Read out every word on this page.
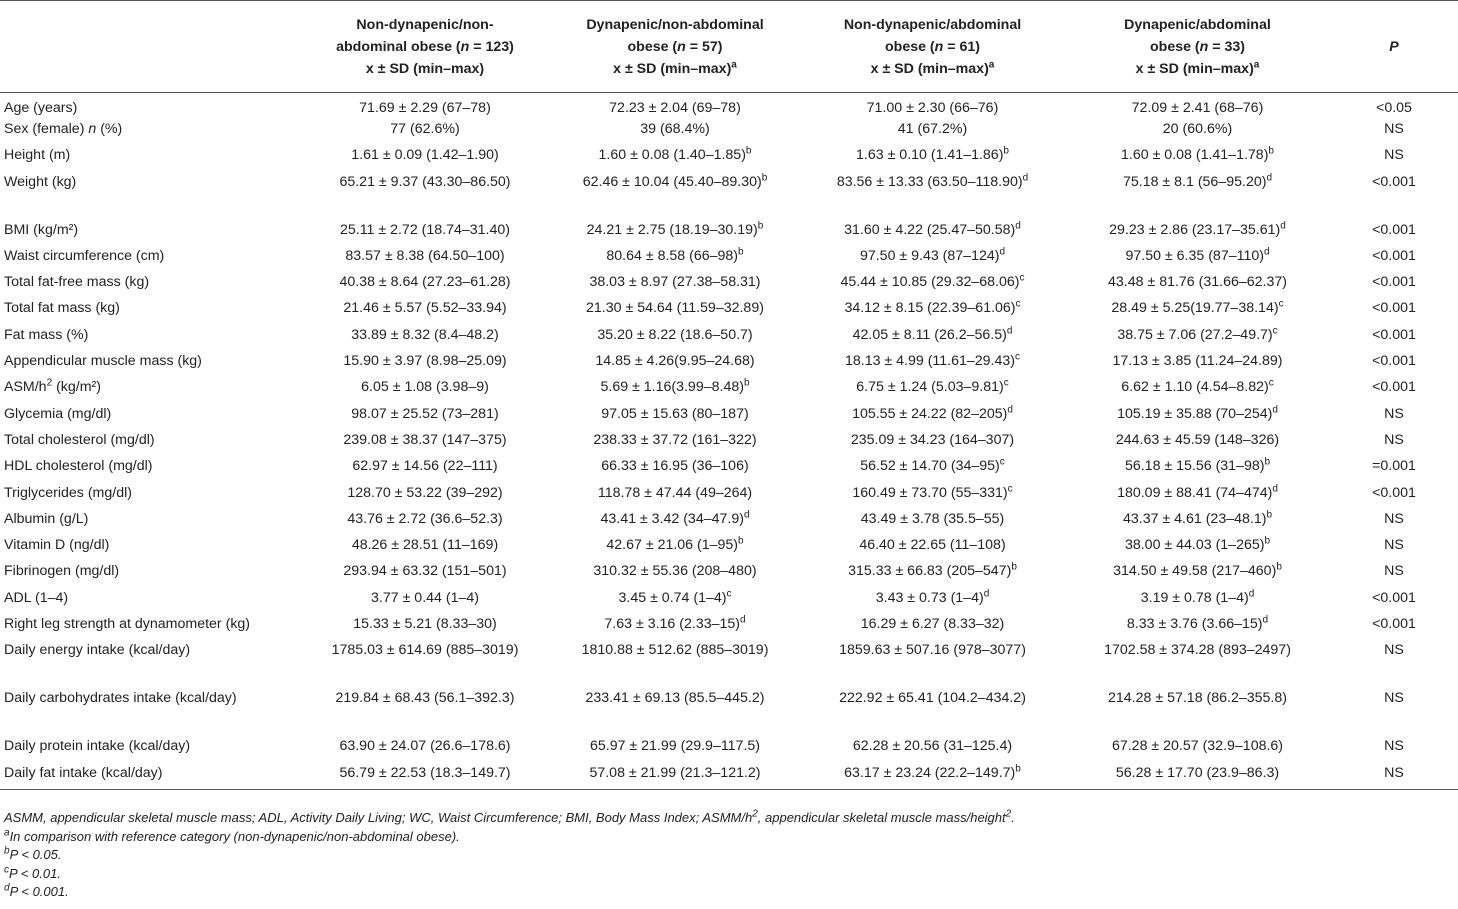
	Non-dynapenic/non-
abdominal obese (n = 123)
x ± SD (min–max)	Dynapenic/non-abdominal
obese (n = 57)
x ± SD $(\min-\max)^a$	Non-dynapenic/abdominal
obese (n = 61)
x ± SD $(\min-\max)^a$	Dynapenic/abdominal
obese (n = 33)
x ± SD $(\min-\max)^a$	P
Age (years)	71.69 ± 2.29 (67–78)	72.23 ± 2.04 (69–78)	71.00 ± 2.30 (66–76)	72.09 ± 2.41 (68–76)	<0.05
Sex (female) n (%)	77 (62.6%)	39 (68.4%)	41 (67.2%)	20 (60.6%)	NS
Height (m)	1.61 ± 0.09 (1.42–1.90)	1.60 ± 0.08 $(1.40-1.85)^b$	1.63 ± 0.10 $(1.41-1.86)^b$	1.60 ± 0.08 $(1.41-1.78)^b$	NS
Weight (kg)	65.21 ± 9.37 (43.30–86.50)	62.46 ± 10.04 $(45.40-89.30)^b$	83.56 ± 13.33 $(63.50-118.90)^d$	75.18 ± 8.1 $(56-95.20)^d$	<0.001
BMI (kg/m²)	25.11 ± 2.72 (18.74–31.40)	24.21 ± 2.75 $(18.19-30.19)^b$	31.60 ± 4.22 $(25.47-50.58)^d$	29.23 ± 2.86 $(23.17-35.61)^d$	<0.001
Waist circumference (cm)	83.57 ± 8.38 (64.50–100)	80.64 ± 8.58 $(66-98)^b$	97.50 ± 9.43 $(87-124)^d$	97.50 ± 6.35 $(87-110)^d$	<0.001
Total fat-free mass (kg)	40.38 ± 8.64 (27.23–61.28)	38.03 ± 8.97 (27.38–58.31)	45.44 ± 10.85 $(29.32-68.06)^c$	43.48 ± 81.76 (31.66–62.37)	<0.001
Total fat mass (kg)	21.46 ± 5.57 (5.52–33.94)	21.30 ± 54.64 (11.59–32.89)	34.12 ± 8.15 $(22.39-61.06)^c$	$28.49 \pm 5.25(19.77-38.14)^c$	<0.001
Fat mass (%)	33.89 ± 8.32 (8.4–48.2)	35.20 ± 8.22 (18.6–50.7)	42.05 ± 8.11 $(26.2-56.5)^d$	38.75 ± 7.06 $(27.2-49.7)^c$	<0.001
Appendicular muscle mass (kg)	15.90 ± 3.97 (8.98–25.09)	14.85 ± 4.26(9.95–24.68)	18.13 ± 4.99 $(11.61-29.43)^c$	17.13 ± 3.85 (11.24–24.89)	<0.001
ASM/$h^2$ (kg/m²)	6.05 ± 1.08 (3.98–9)	$5.69 \pm 1.16(3.99-8.48)^b$	6.75 ± 1.24 $(5.03-9.81)^c$	6.62 ± 1.10 $(4.54-8.82)^c$	<0.001
Glycemia (mg/dl)	98.07 ± 25.52 (73–281)	97.05 ± 15.63 (80–187)	105.55 ± 24.22 $(82-205)^d$	105.19 ± 35.88 $(70-254)^d$	NS
Total cholesterol (mg/dl)	239.08 ± 38.37 (147–375)	238.33 ± 37.72 (161–322)	235.09 ± 34.23 (164–307)	244.63 ± 45.59 (148–326)	NS
HDL cholesterol (mg/dl)	62.97 ± 14.56 (22–111)	66.33 ± 16.95 (36–106)	56.52 ± 14.70 $(34-95)^c$	56.18 ± 15.56 $(31-98)^b$	=0.001
Triglycerides (mg/dl)	128.70 ± 53.22 (39–292)	118.78 ± 47.44 (49–264)	160.49 ± 73.70 $(55-331)^c$	180.09 ± 88.41 $(74-474)^d$	<0.001
Albumin (g/L)	43.76 ± 2.72 (36.6–52.3)	43.41 ± 3.42 $(34-47.9)^d$	43.49 ± 3.78 (35.5–55)	43.37 ± 4.61 $(23-48.1)^b$	NS
Vitamin D (ng/dl)	48.26 ± 28.51 (11–169)	42.67 ± 21.06 $(1-95)^b$	46.40 ± 22.65 (11–108)	38.00 ± 44.03 $(1-265)^b$	NS
Fibrinogen (mg/dl)	293.94 ± 63.32 (151–501)	310.32 ± 55.36 (208–480)	315.33 ± 66.83 $(205-547)^b$	314.50 ± 49.58 $(217-460)^b$	NS
ADL (1–4)	3.77 ± 0.44 (1–4)	3.45 ± 0.74 $(1-4)^c$	3.43 ± 0.73 $(1-4)^d$	3.19 ± 0.78 $(1-4)^d$	<0.001
Right leg strength at dynamometer (kg)	15.33 ± 5.21 (8.33–30)	7.63 ± 3.16 $(2.33-15)^d$	16.29 ± 6.27 (8.33–32)	8.33 ± 3.76 $(3.66-15)^d$	<0.001
Daily energy intake (kcal/day)	1785.03 ± 614.69 (885–3019)	1810.88 ± 512.62 (885–3019)	1859.63 ± 507.16 (978–3077)	1702.58 ± 374.28 (893–2497)	NS
Daily carbohydrates intake (kcal/day)	219.84 ± 68.43 (56.1–392.3)	233.41 ± 69.13 (85.5–445.2)	222.92 ± 65.41 (104.2–434.2)	214.28 ± 57.18 (86.2–355.8)	NS
Daily protein intake (kcal/day)	63.90 ± 24.07 (26.6–178.6)	65.97 ± 21.99 (29.9–117.5)	62.28 ± 20.56 (31–125.4)	67.28 ± 20.57 (32.9–108.6)	NS
Daily fat intake (kcal/day)	56.79 ± 22.53 (18.3–149.7)	57.08 ± 21.99 (21.3–121.2)	63.17 ± 23.24 $(22.2-149.7)^b$	56.28 ± 17.70 (23.9–86.3)	NS
ASMM, appendicular skeletal muscle mass; ADL, Activity Daily Living; WC, Waist Circumference; BMI, Body Mass Index; ASMM/$h^2$, appendicular skeletal muscle mass/height$^2$.
$^a$In comparison with reference category (non-dynapenic/non-abdominal obese).
$^b$P < 0.05.
$^c$P < 0.01.
$^d$P < 0.001.
